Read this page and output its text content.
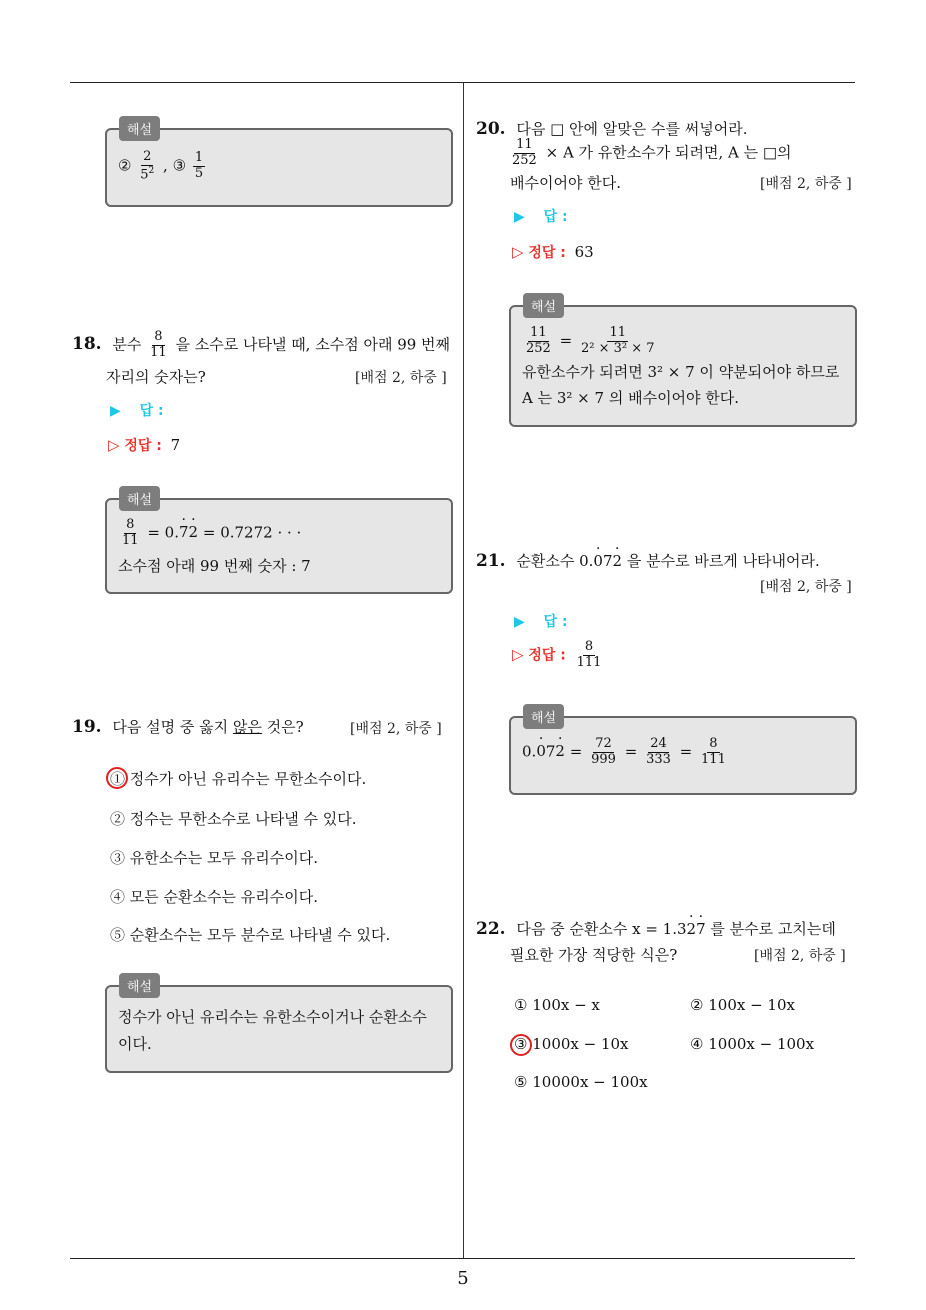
5
해설
② $\frac{2}{5^2}$ , ③ $\frac{1}{5}$
18. 분수 $\frac{8}{11}$ 을 소수로 나타낼 때, 소수점 아래 99 번째
자리의 숫자는?	[배점 2, 하중 ]
▶ 답 :
▷ 정답 : 7
해설
$\frac{8}{11} = 0.7 \cdot 2$ · = 0.7272 · · ·
소수점 아래 99 번째 숫자 : 7
19. 다음 설명 중 옳지 않은 것은?	[배점 2, 하중 ]
① 정수가 아닌 유리수는 무한소수이다.
② 정수는 무한소수로 나타낼 수 있다.
③ 유한소수는 모두 유리수이다.
④ 모든 순환소수는 유리수이다.
⑤ 순환소수는 모두 분수로 나타낼 수 있다.
해설
정수가 아닌 유리수는 유한소수이거나 순환소수
이다.
20. 다음 □ 안에 알맞은 수를 써넣어라.
$\frac{11}{252} \times A$ 가 유한소수가 되려면, A 는 □의
배수이어야 한다.	[배점 2, 하중 ]
▶ 답 :
▷ 정답 : 63
해설
$\frac{11}{252} = \frac{11}{\text{2² × 3² × 7}}$
유한소수가 되려면 3² × 7 이 약분되어야 하므로
A 는 3² × 7 의 배수이어야 한다.
21. 순환소수 0.0 ·72 · 을 분수로 바르게 나타내어라.
[배점 2, 하중 ]
▶ 답 :
▷ 정답 : $\frac{8}{111}$
해설
0.0 ·72 · = $\frac{72}{999} = \frac{24}{333} = \frac{8}{111}$
22. 다음 중 순환소수 x = 1.32 ·7 · 를 분수로 고치는데
필요한 가장 적당한 식은?	[배점 2, 하중 ]
① 100x − x	② 100x − 10x
③ 1000x − 10x	④ 1000x − 100x
⑤ 10000x − 100x
